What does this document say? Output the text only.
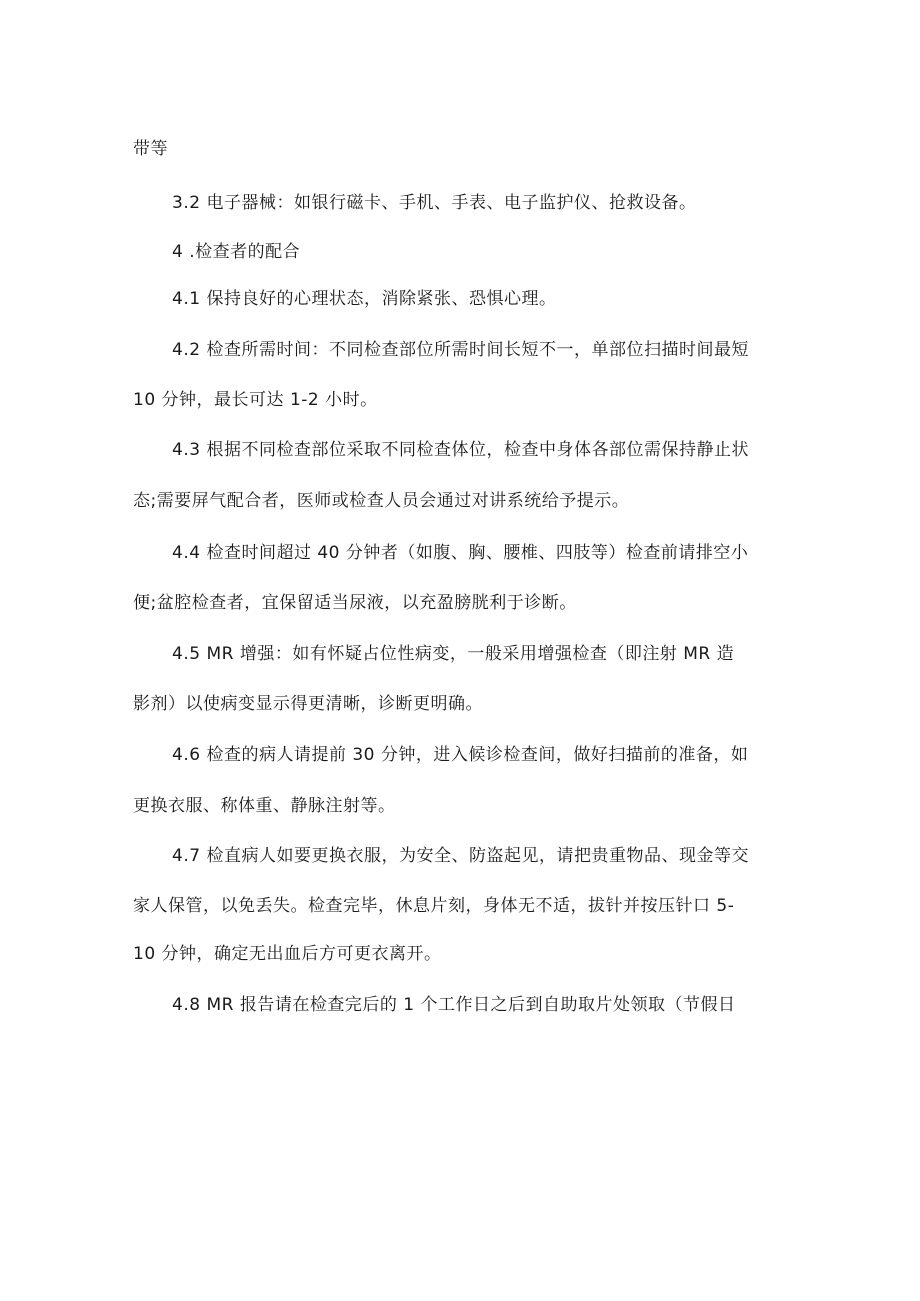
带等
3.2 电子器械：如银行磁卡、手机、手表、电子监护仪、抢救设备。
4 .检查者的配合
4.1 保持良好的心理状态，消除紧张、恐惧心理。
4.2 检查所需时间：不同检查部位所需时间长短不一，单部位扫描时间最短
10 分钟，最长可达 1-2 小时。
4.3 根据不同检查部位采取不同检查体位，检查中身体各部位需保持静止状
态;需要屏气配合者，医师或检查人员会通过对讲系统给予提示。
4.4 检查时间超过 40 分钟者（如腹、胸、腰椎、四肢等）检查前请排空小
便;盆腔检查者，宜保留适当尿液，以充盈膀胱利于诊断。
4.5 MR 增强：如有怀疑占位性病变，一般采用增强检查（即注射 MR 造
影剂）以使病变显示得更清晰，诊断更明确。
4.6 检查的病人请提前 30 分钟，进入候诊检查间，做好扫描前的准备，如
更换衣服、称体重、静脉注射等。
4.7 检直病人如要更换衣服，为安全、防盗起见，请把贵重物品、现金等交
家人保管，以免丢失。检查完毕，休息片刻，身体无不适，拔针并按压针口 5-
10 分钟，确定无出血后方可更衣离开。
4.8 MR 报告请在检查完后的 1 个工作日之后到自助取片处领取（节假日
